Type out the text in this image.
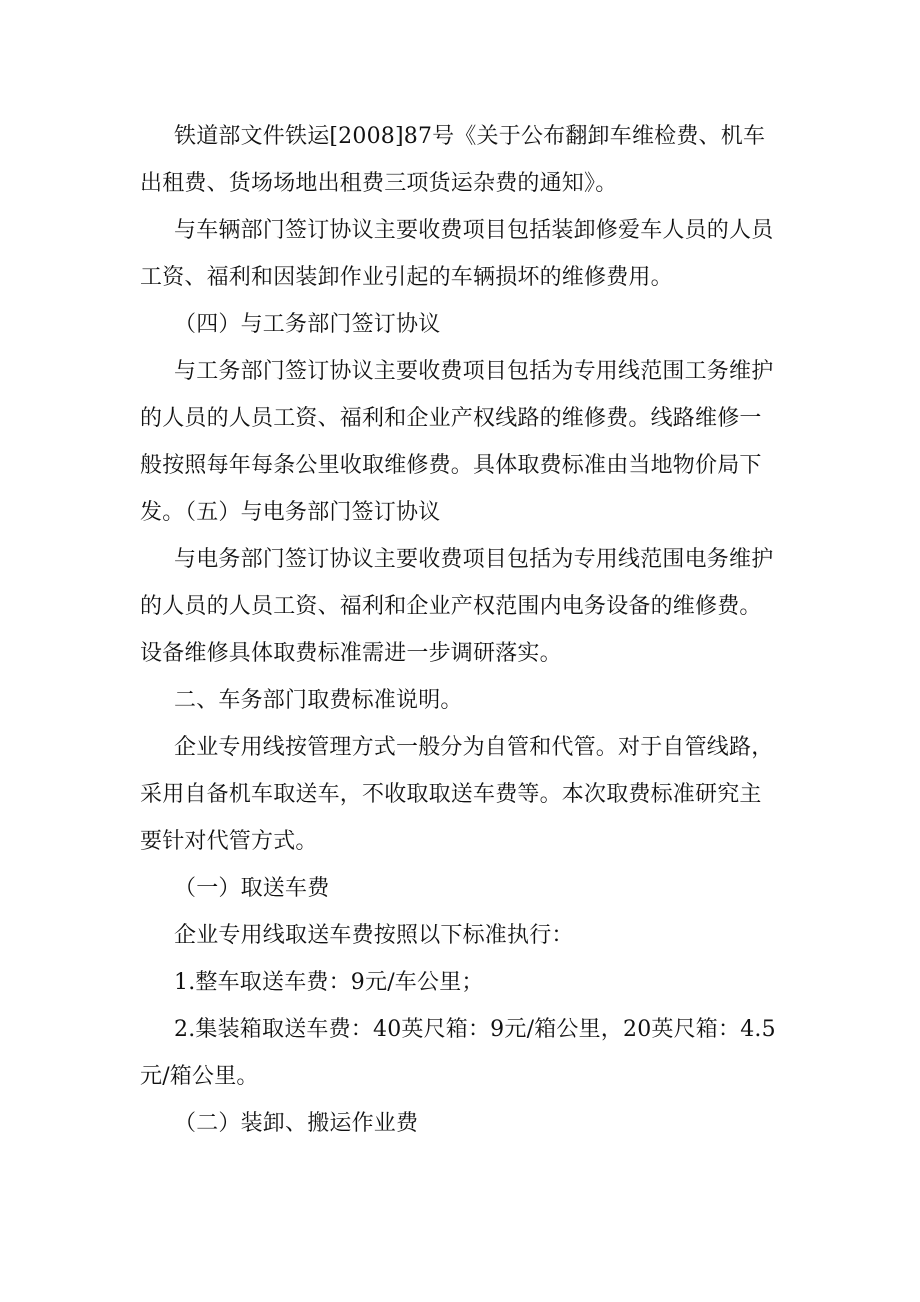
铁道部文件铁运[2008]87号《关于公布翻卸车维检费、机车出租费、货场场地出租费三项货运杂费的通知》。

与车辆部门签订协议主要收费项目包括装卸修爱车人员的人员工资、福利和因装卸作业引起的车辆损坏的维修费用。

（四）与工务部门签订协议

与工务部门签订协议主要收费项目包括为专用线范围工务维护的人员的人员工资、福利和企业产权线路的维修费。线路维修一般按照每年每条公里收取维修费。具体取费标准由当地物价局下发。

（五）与电务部门签订协议

与电务部门签订协议主要收费项目包括为专用线范围电务维护的人员的人员工资、福利和企业产权范围内电务设备的维修费。设备维修具体取费标准需进一步调研落实。

二、车务部门取费标准说明。

企业专用线按管理方式一般分为自管和代管。对于自管线路，采用自备机车取送车，不收取取送车费等。本次取费标准研究主要针对代管方式。

（一）取送车费

企业专用线取送车费按照以下标准执行：

1.整车取送车费：9元/车公里；

2.集装箱取送车费：40英尺箱：9元/箱公里，20英尺箱：4.5元/箱公里。

（二）装卸、搬运作业费
